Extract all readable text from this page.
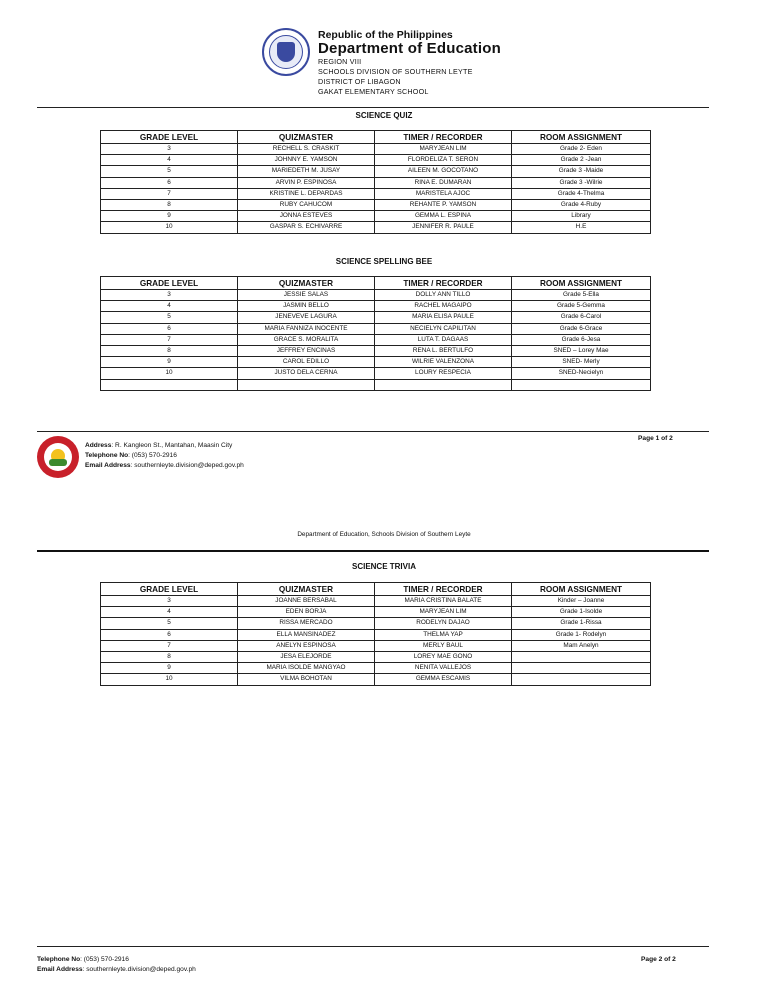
Republic of the Philippines
Department of Education
REGION VIII
SCHOOLS DIVISION OF SOUTHERN LEYTE
DISTRICT OF LIBAGON
GAKAT ELEMENTARY SCHOOL
SCIENCE QUIZ
GRADE LEVEL	QUIZMASTER	TIMER / RECORDER	ROOM ASSIGNMENT
3	RECHELL S. CRASKIT	MARYJEAN LIM	Grade 2- Eden
4	JOHNNY E. YAMSON	FLORDELIZA T. SERON	Grade 2 -Jean
5	MARIEDETH M. JUSAY	AILEEN M. GOCOTANO	Grade 3 -Maide
6	ARVIN P. ESPINOSA	RINA E. DUMARAN	Grade 3 -Wilrie
7	KRISTINE L. DEPARDAS	MARISTELA AJOC	Grade 4-Thelma
8	RUBY CAHUCOM	REHANTE P. YAMSON	Grade 4-Ruby
9	JONNA ESTEVES	GEMMA L. ESPINA	Library
10	GASPAR S. ECHIVARRE	JENNIFER R. PAULE	H.E
SCIENCE SPELLING BEE
GRADE LEVEL	QUIZMASTER	TIMER / RECORDER	ROOM ASSIGNMENT
3	JESSIE SALAS	DOLLY ANN TILLO	Grade 5-Ella
4	JASMIN BELLO	RACHEL MAGAIPO	Grade 5-Gemma
5	JENEVEVE LAGURA	MARIA ELISA PAULE	Grade 6-Carol
6	MARIA FANNIZA INOCENTE	NECIELYN CAPILITAN	Grade 6-Grace
7	GRACE S. MORALITA	LUTA T. DAGAAS	Grade 6-Jesa
8	JEFFREY ENCINAS	RENA L. BERTULFO	SNED – Lorey Mae
9	CAROL EDILLO	WILRIE VALENZONA	SNED- Merly
10	JUSTO DELA CERNA	LOURY RESPECIA	SNED-Necielyn

Address: R. Kangleon St., Mantahan, Maasin City
Telephone No: (053) 570-2916
Email Address: southernleyte.division@deped.gov.ph
Page 1 of 2
Department of Education, Schools Division of Southern Leyte
SCIENCE TRIVIA
GRADE LEVEL	QUIZMASTER	TIMER / RECORDER	ROOM ASSIGNMENT
3	JOANNE BERSABAL	MARIA CRISTINA BALATE	Kinder – Joanne
4	EDEN BORJA	MARYJEAN LIM	Grade 1-Isolde
5	RISSA MERCADO	RODELYN DAJAO	Grade 1-Rissa
6	ELLA MANSINADEZ	THELMA YAP	Grade 1- Rodelyn
7	ANELYN ESPINOSA	MERLY BAUL	Mam Anelyn
8	JESA ELEJORDE	LOREY MAE GONO	
9	MARIA ISOLDE MANGYAO	NENITA VALLEJOS	
10	VILMA BOHOTAN	GEMMA ESCAMIS	
Telephone No: (053) 570-2916
Email Address: southernleyte.division@deped.gov.ph
Page 2 of 2
